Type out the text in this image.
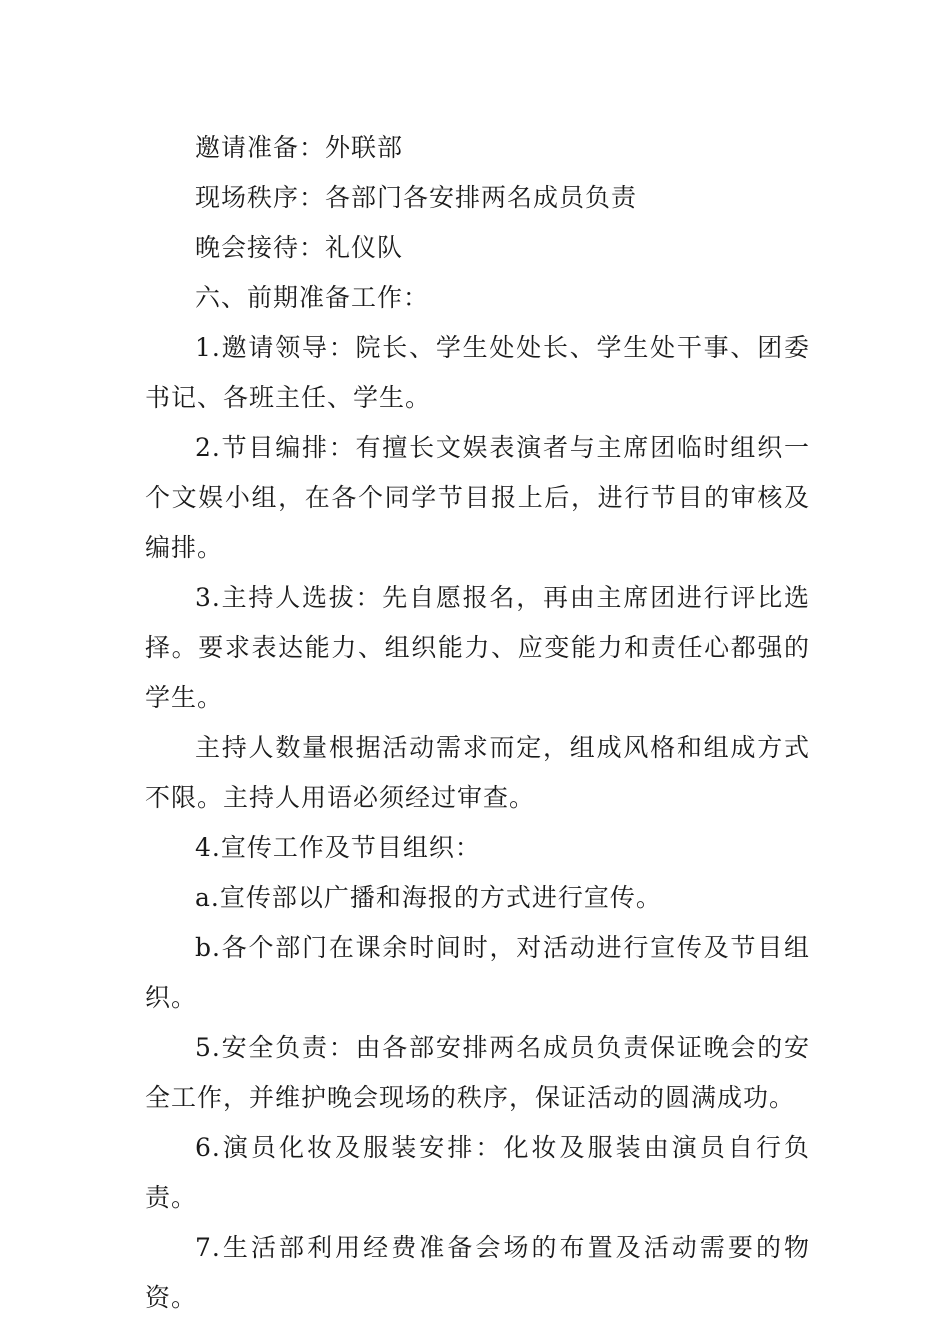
邀请准备：外联部

现场秩序：各部门各安排两名成员负责

晚会接待：礼仪队

六、前期准备工作：

1.邀请领导：院长、学生处处长、学生处干事、团委书记、各班主任、学生。

2.节目编排：有擅长文娱表演者与主席团临时组织一个文娱小组，在各个同学节目报上后，进行节目的审核及编排。

3.主持人选拔：先自愿报名，再由主席团进行评比选择。要求表达能力、组织能力、应变能力和责任心都强的学生。

主持人数量根据活动需求而定，组成风格和组成方式不限。主持人用语必须经过审查。

4.宣传工作及节目组织：

a.宣传部以广播和海报的方式进行宣传。

b.各个部门在课余时间时，对活动进行宣传及节目组织。

5.安全负责：由各部安排两名成员负责保证晚会的安全工作，并维护晚会现场的秩序，保证活动的圆满成功。

6.演员化妆及服装安排：化妆及服装由演员自行负责。

7.生活部利用经费准备会场的布置及活动需要的物资。
